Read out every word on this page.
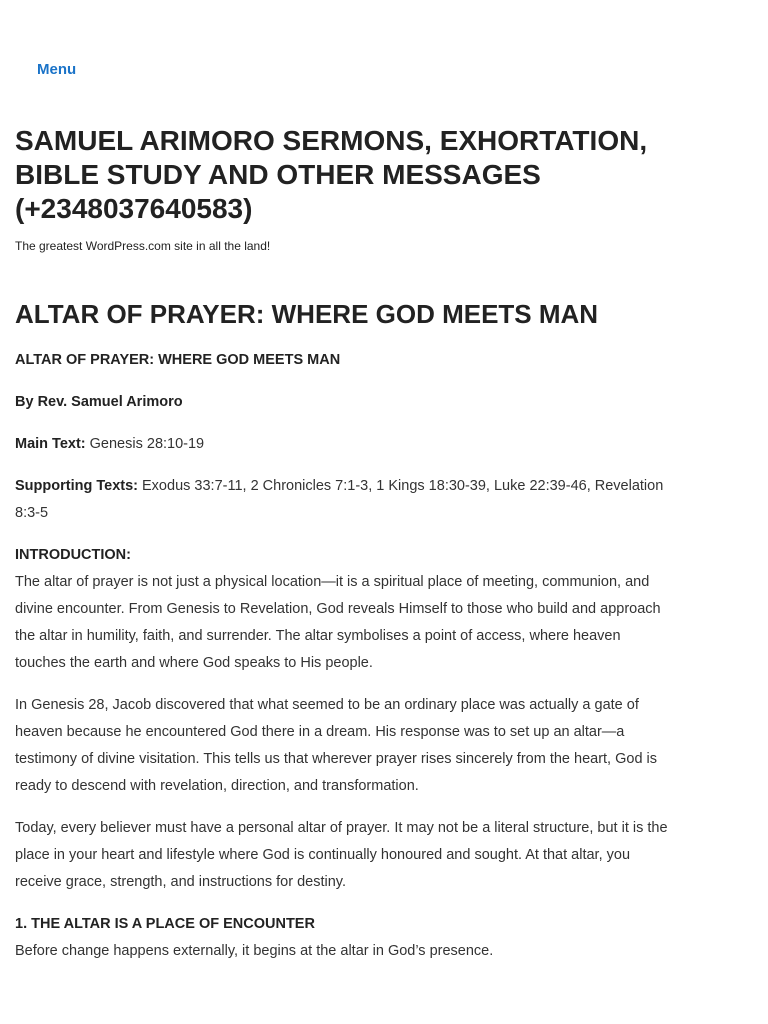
Menu
SAMUEL ARIMORO SERMONS, EXHORTATION, BIBLE STUDY AND OTHER MESSAGES (+2348037640583)

The greatest WordPress.com site in all the land!

ALTAR OF PRAYER: WHERE GOD MEETS MAN

ALTAR OF PRAYER: WHERE GOD MEETS MAN

By Rev. Samuel Arimoro

Main Text: Genesis 28:10-19

Supporting Texts: Exodus 33:7-11, 2 Chronicles 7:1-3, 1 Kings 18:30-39, Luke 22:39-46, Revelation 8:3-5

INTRODUCTION:
The altar of prayer is not just a physical location—it is a spiritual place of meeting, communion, and divine encounter. From Genesis to Revelation, God reveals Himself to those who build and approach the altar in humility, faith, and surrender. The altar symbolises a point of access, where heaven touches the earth and where God speaks to His people.

In Genesis 28, Jacob discovered that what seemed to be an ordinary place was actually a gate of heaven because he encountered God there in a dream. His response was to set up an altar—a testimony of divine visitation. This tells us that wherever prayer rises sincerely from the heart, God is ready to descend with revelation, direction, and transformation.

Today, every believer must have a personal altar of prayer. It may not be a literal structure, but it is the place in your heart and lifestyle where God is continually honoured and sought. At that altar, you receive grace, strength, and instructions for destiny.

1. THE ALTAR IS A PLACE OF ENCOUNTER
Before change happens externally, it begins at the altar in God’s presence.
